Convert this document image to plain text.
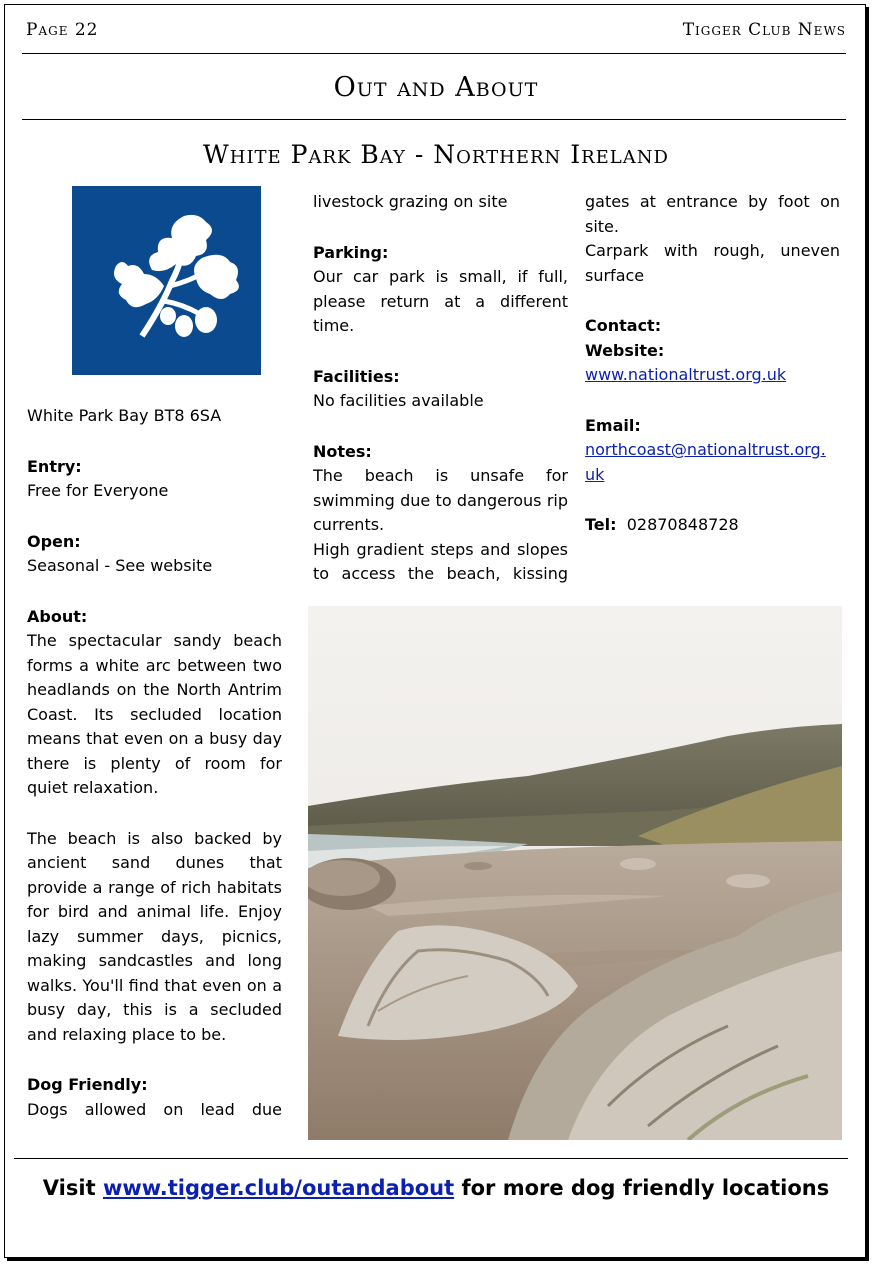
Page 22	Tigger Club News
Out and About
White Park Bay - Northern Ireland

White Park Bay BT8 6SA

Entry:

Free for Everyone

Open:

Seasonal - See website

About:

The spectacular sandy beach forms a white arc between two headlands on the North Antrim Coast. Its secluded location means that even on a busy day there is plenty of room for quiet relaxation.

The beach is also backed by ancient sand dunes that provide a range of rich habitats for bird and animal life. Enjoy lazy summer days, picnics, making sandcastles and long walks. You'll find that even on a busy day, this is a secluded and relaxing place to be.

Dog Friendly:

Dogs allowed on lead due

livestock grazing on site

Parking:

Our car park is small, if full, please return at a different time.

Facilities:

No facilities available

Notes:

The beach is unsafe for swimming due to dangerous rip currents.

High gradient steps and slopes to access the beach, kissing

gates at entrance by foot on site.

Carpark with rough, uneven surface

Contact:

Website:

www.nationaltrust.org.uk

Email:

northcoast@nationaltrust.org.
uk

Tel: 02870848728

Visit www.tigger.club/outandabout for more dog friendly locations
